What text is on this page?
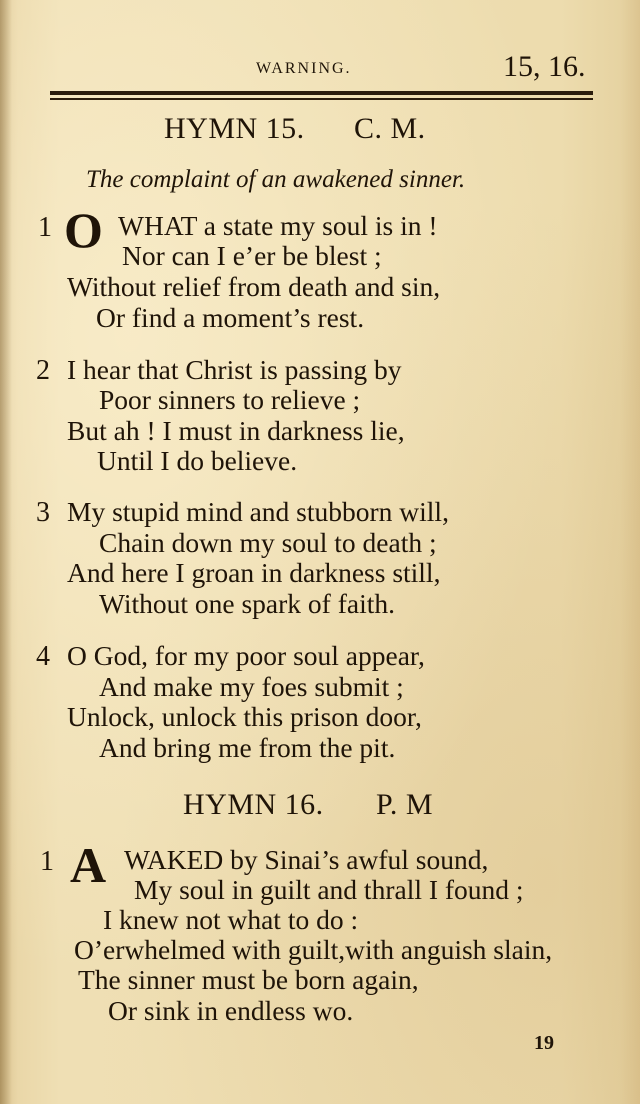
WARNING.	15, 16.
HYMN 15. C. M.
The complaint of an awakened sinner.
1 O WHAT a state my soul is in !
Nor can I e’er be blest ;
Without relief from death and sin,
Or find a moment’s rest.
2 I hear that Christ is passing by
Poor sinners to relieve ;
But ah ! I must in darkness lie,
Until I do believe.
3 My stupid mind and stubborn will,
Chain down my soul to death ;
And here I groan in darkness still,
Without one spark of faith.
4 O God, for my poor soul appear,
And make my foes submit ;
Unlock, unlock this prison door,
And bring me from the pit.
HYMN 16. P. M
1 A WAKED by Sinai’s awful sound,
My soul in guilt and thrall I found ;
I knew not what to do :
O’erwhelmed with guilt,with anguish slain,
The sinner must be born again,
Or sink in endless wo.
19
